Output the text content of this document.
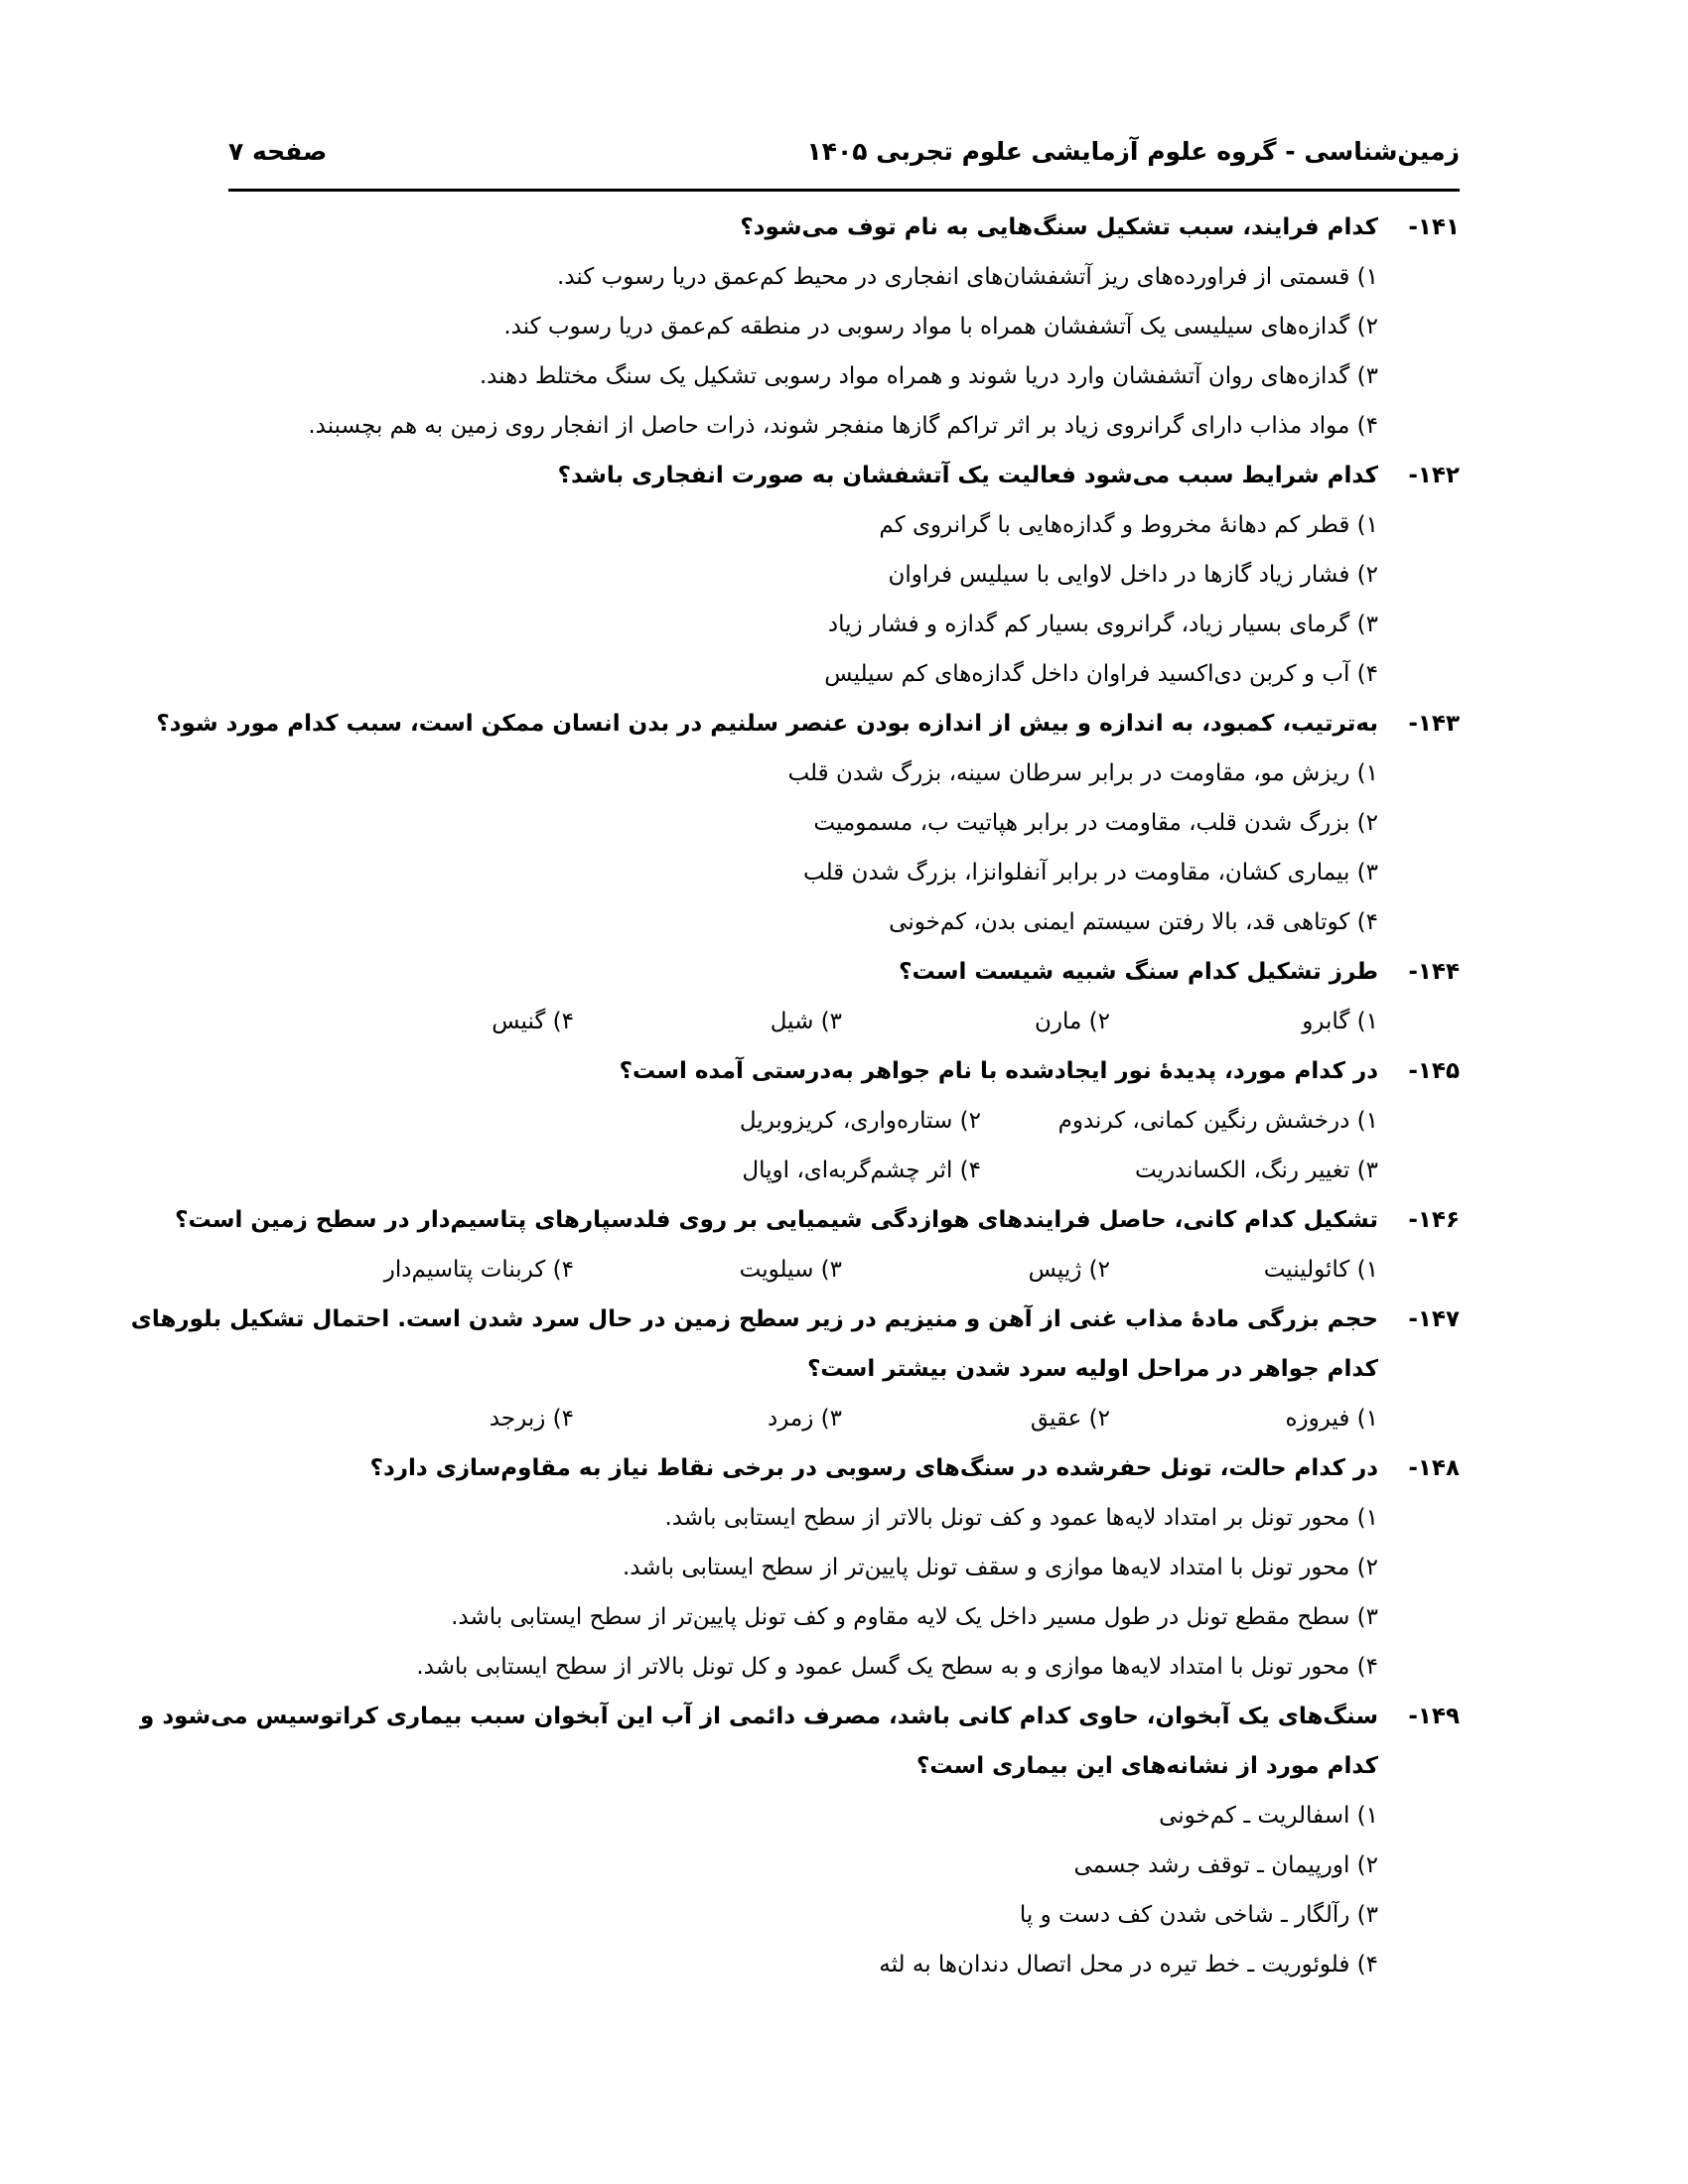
زمین‌شناسی - گروه علوم آزمایشی علوم تجربی ۱۴۰۵
صفحه ۷
۱۴۱-
کدام فرایند، سبب تشکیل سنگ‌هایی به نام توف می‌شود؟
۱) قسمتی از فراورده‌های ریز آتشفشان‌های انفجاری در محیط کم‌عمق دریا رسوب کند.
۲) گدازه‌های سیلیسی یک آتشفشان همراه با مواد رسوبی در منطقه کم‌عمق دریا رسوب کند.
۳) گدازه‌های روان آتشفشان وارد دریا شوند و همراه مواد رسوبی تشکیل یک سنگ مختلط دهند.
۴) مواد مذاب دارای گرانروی زیاد بر اثر تراکم گازها منفجر شوند، ذرات حاصل از انفجار روی زمین به هم بچسبند.
۱۴۲-
کدام شرایط سبب می‌شود فعالیت یک آتشفشان به صورت انفجاری باشد؟
۱) قطر کم دهانهٔ مخروط و گدازه‌هایی با گرانروی کم
۲) فشار زیاد گازها در داخل لاوایی با سیلیس فراوان
۳) گرمای بسیار زیاد، گرانروی بسیار کم گدازه و فشار زیاد
۴) آب و کربن دی‌اکسید فراوان داخل گدازه‌های کم سیلیس
۱۴۳-
به‌ترتیب، کمبود، به اندازه و بیش از اندازه بودن عنصر سلنیم در بدن انسان ممکن است، سبب کدام مورد شود؟
۱) ریزش مو، مقاومت در برابر سرطان سینه، بزرگ شدن قلب
۲) بزرگ شدن قلب، مقاومت در برابر هپاتیت ب، مسمومیت
۳) بیماری کشان، مقاومت در برابر آنفلوانزا، بزرگ شدن قلب
۴) کوتاهی قد، بالا رفتن سیستم ایمنی بدن، کم‌خونی
۱۴۴-
طرز تشکیل کدام سنگ شبیه شیست است؟
۱) گابرو
۲) مارن
۳) شیل
۴) گنیس
۱۴۵-
در کدام مورد، پدیدهٔ نور ایجادشده با نام جواهر به‌درستی آمده است؟
۱) درخشش رنگین کمانی، کرندوم
۲) ستاره‌واری، کریزوبریل
۳) تغییر رنگ، الکساندریت
۴) اثر چشم‌گربه‌ای، اوپال
۱۴۶-
تشکیل کدام کانی، حاصل فرایندهای هوازدگی شیمیایی بر روی فلدسپارهای پتاسیم‌دار در سطح زمین است؟
۱) کائولینیت
۲) ژیپس
۳) سیلویت
۴) کربنات پتاسیم‌دار
۱۴۷-
حجم بزرگی مادهٔ مذاب غنی از آهن و منیزیم در زیر سطح زمین در حال سرد شدن است. احتمال تشکیل بلورهای
کدام جواهر در مراحل اولیه سرد شدن بیشتر است؟
۱) فیروزه
۲) عقیق
۳) زمرد
۴) زبرجد
۱۴۸-
در کدام حالت، تونل حفرشده در سنگ‌های رسوبی در برخی نقاط نیاز به مقاوم‌سازی دارد؟
۱) محور تونل بر امتداد لایه‌ها عمود و کف تونل بالاتر از سطح ایستابی باشد.
۲) محور تونل با امتداد لایه‌ها موازی و سقف تونل پایین‌تر از سطح ایستابی باشد.
۳) سطح مقطع تونل در طول مسیر داخل یک لایه مقاوم و کف تونل پایین‌تر از سطح ایستابی باشد.
۴) محور تونل با امتداد لایه‌ها موازی و به سطح یک گسل عمود و کل تونل بالاتر از سطح ایستابی باشد.
۱۴۹-
سنگ‌های یک آبخوان، حاوی کدام کانی باشد، مصرف دائمی از آب این آبخوان سبب بیماری کراتوسیس می‌شود و
کدام مورد از نشانه‌های این بیماری است؟
۱) اسفالریت ـ کم‌خونی
۲) اورپیمان ـ توقف رشد جسمی
۳) رآلگار ـ شاخی شدن کف دست و پا
۴) فلوئوریت ـ خط تیره در محل اتصال دندان‌ها به لثه
